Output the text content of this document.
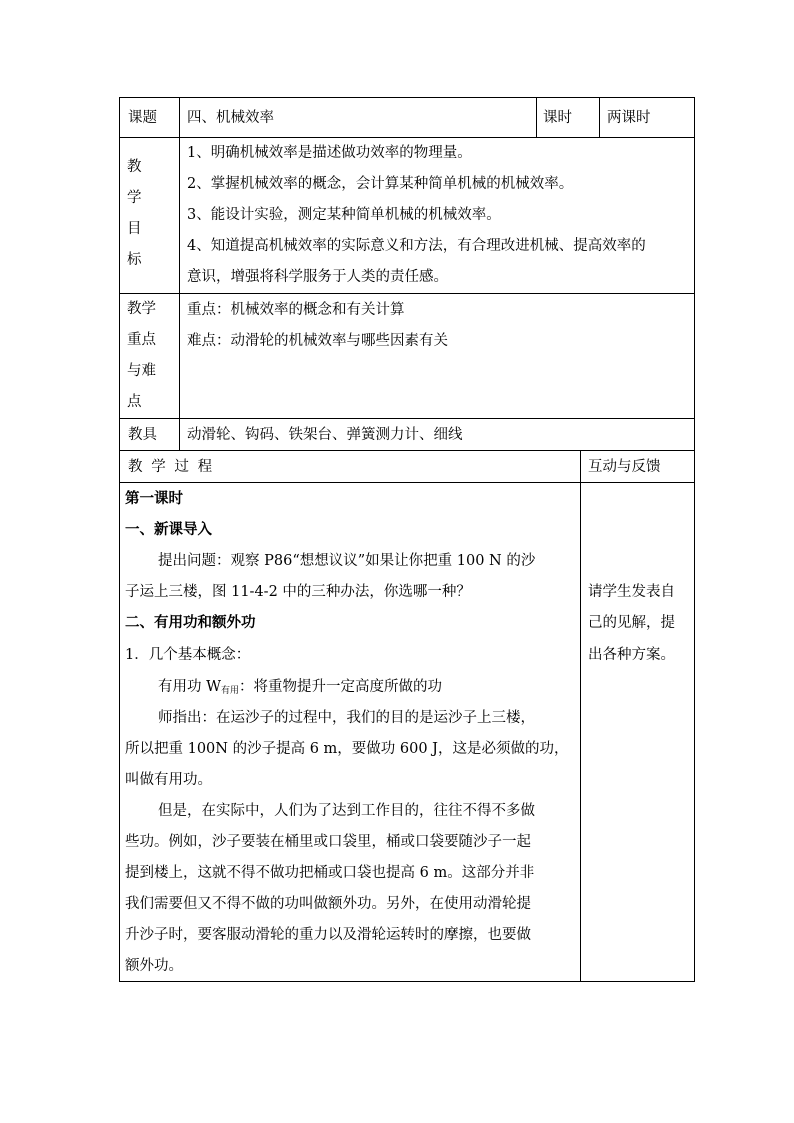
课题 四、机械效率	课时 两课时
教学目标
1、明确机械效率是描述做功效率的物理量。
2、掌握机械效率的概念，会计算某种简单机械的机械效率。
3、能设计实验，测定某种简单机械的机械效率。
4、知道提高机械效率的实际意义和方法，有合理改进机械、提高效率的
意识，增强将科学服务于人类的责任感。
教学重点与难点
重点：机械效率的概念和有关计算
难点：动滑轮的机械效率与哪些因素有关
教具 动滑轮、钩码、铁架台、弹簧测力计、细线
教学过程	互动与反馈
第一课时
一、新课导入
提出问题：观察 P86“想想议议”如果让你把重 100 N 的沙
子运上三楼，图 11-4-2 中的三种办法，你选哪一种？
二、有用功和额外功
1．几个基本概念：
有用功 $W_{有用}$：将重物提升一定高度所做的功
师指出：在运沙子的过程中，我们的目的是运沙子上三楼，
所以把重 100N 的沙子提高 6 m，要做功 600 J，这是必须做的功，
叫做有用功。
但是，在实际中，人们为了达到工作目的，往往不得不多做
些功。例如，沙子要装在桶里或口袋里，桶或口袋要随沙子一起
提到楼上，这就不得不做功把桶或口袋也提高 6 m。这部分并非
我们需要但又不得不做的功叫做额外功。另外，在使用动滑轮提
升沙子时，要客服动滑轮的重力以及滑轮运转时的摩擦，也要做
额外功。
请学生发表自
己的见解，提
出各种方案。
